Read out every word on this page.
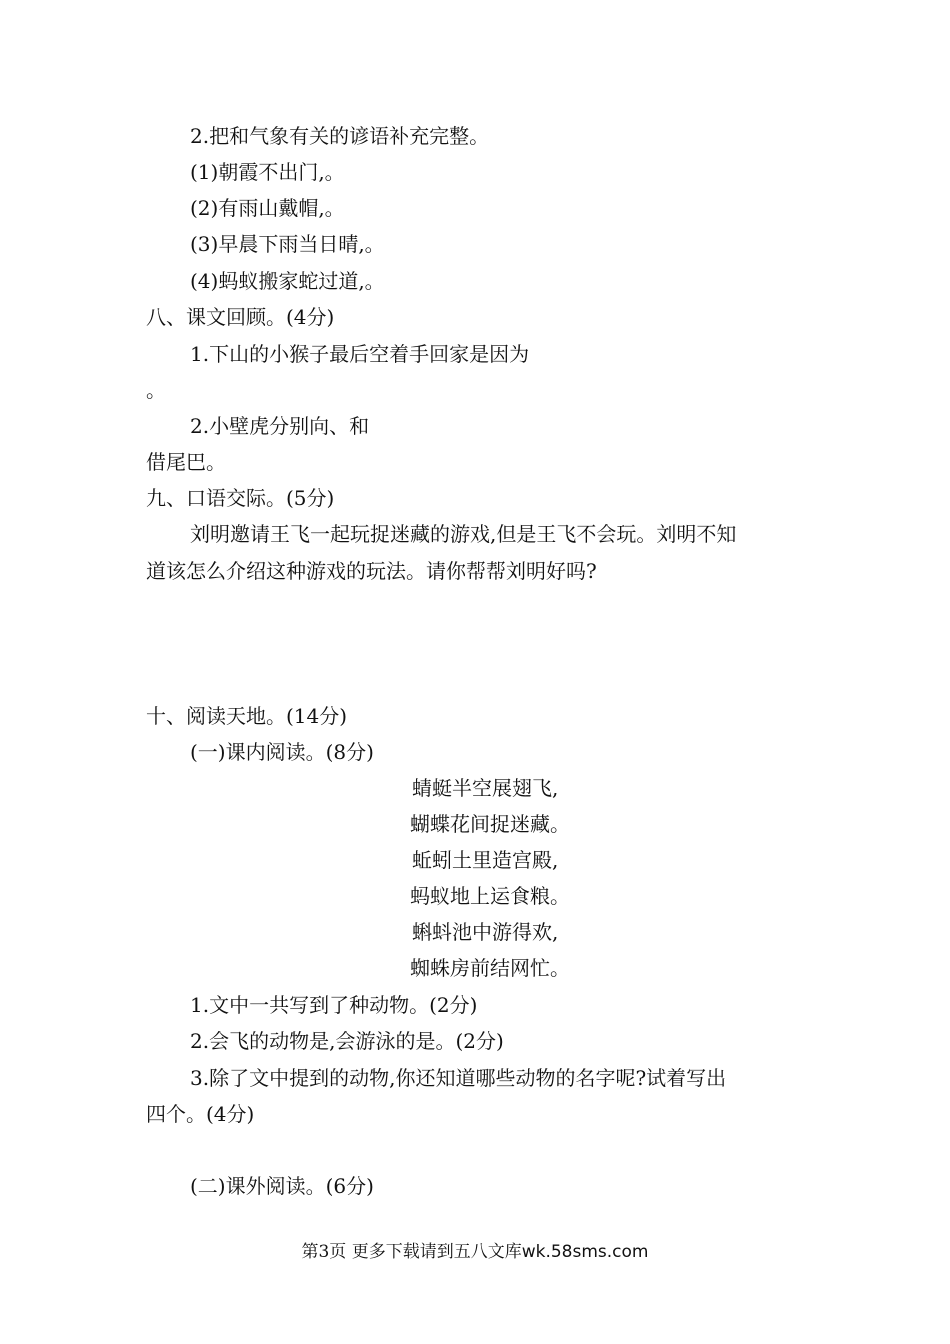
2.把和气象有关的谚语补充完整。
(1)朝霞不出门,。
(2)有雨山戴帽,。
(3)早晨下雨当日晴,。
(4)蚂蚁搬家蛇过道,。
八、课文回顾。(4分)
1.下山的小猴子最后空着手回家是因为
。
2.小壁虎分别向、和
借尾巴。
九、口语交际。(5分)
刘明邀请王飞一起玩捉迷藏的游戏,但是王飞不会玩。刘明不知
道该怎么介绍这种游戏的玩法。请你帮帮刘明好吗?
十、阅读天地。(14分)
(一)课内阅读。(8分)
蜻蜓半空展翅飞,
蝴蝶花间捉迷藏。
蚯蚓土里造宫殿,
蚂蚁地上运食粮。
蝌蚪池中游得欢,
蜘蛛房前结网忙。
1.文中一共写到了种动物。(2分)
2.会飞的动物是,会游泳的是。(2分)
3.除了文中提到的动物,你还知道哪些动物的名字呢?试着写出
四个。(4分)
(二)课外阅读。(6分)
第3页 更多下载请到五八文库wk.58sms.com
